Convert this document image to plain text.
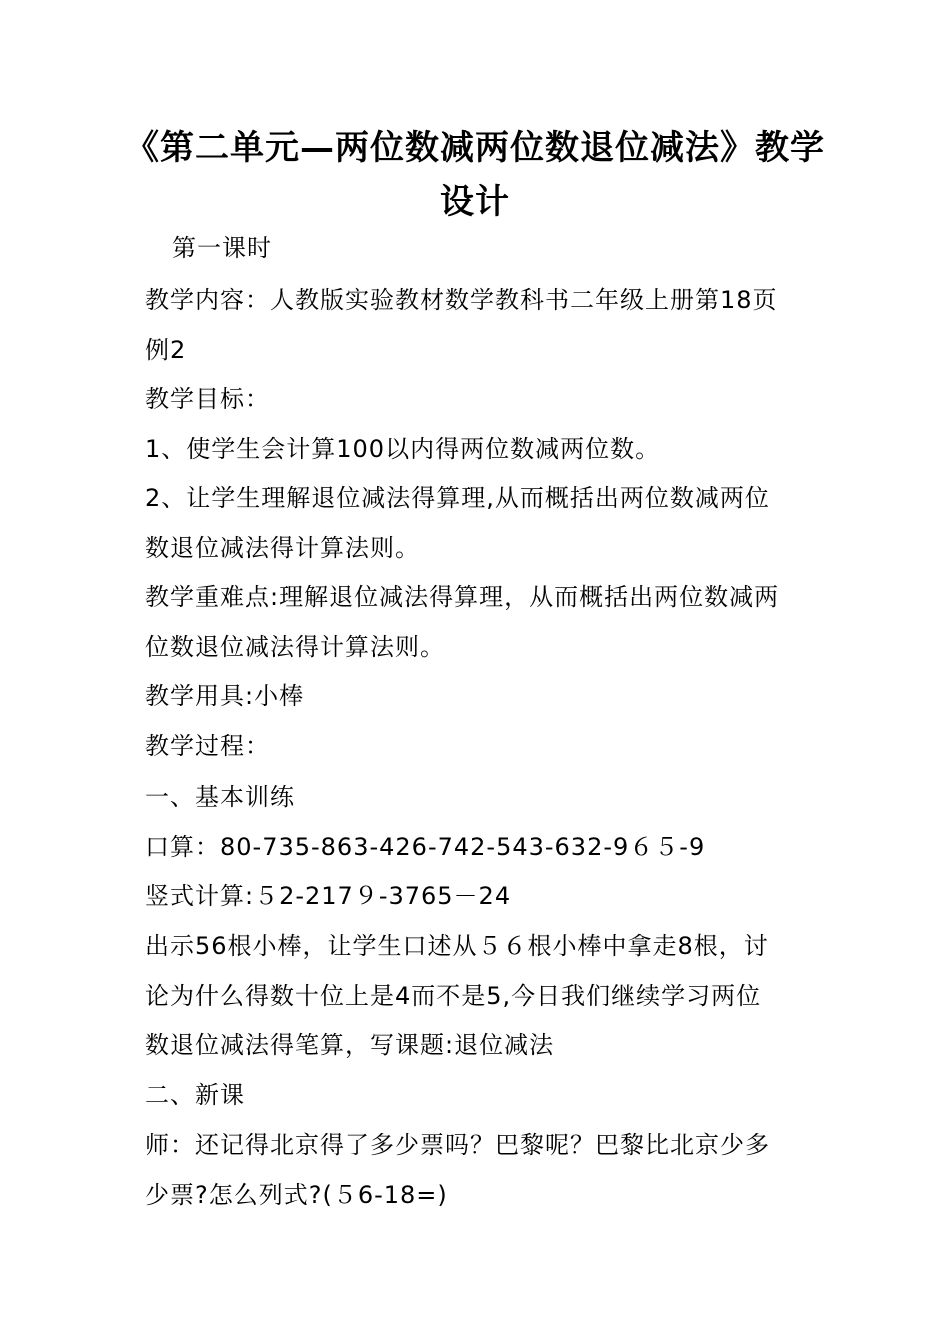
《第二单元—两位数减两位数退位减法》教学
设计

第一课时

教学内容：人教版实验教材数学教科书二年级上册第18页

例2

教学目标：

1、使学生会计算100以内得两位数减两位数。

2、让学生理解退位减法得算理,从而概括出两位数减两位

数退位减法得计算法则。

教学重难点:理解退位减法得算理，从而概括出两位数减两

位数退位减法得计算法则。

教学用具:小棒

教学过程：

一、基本训练

口算：80-735-863-426-742-543-632-9６５-9

竖式计算:５2-217９-3765－24

出示56根小棒，让学生口述从５６根小棒中拿走8根，讨

论为什么得数十位上是4而不是5,今日我们继续学习两位

数退位减法得笔算，写课题:退位减法

二、新课

师：还记得北京得了多少票吗？巴黎呢？巴黎比北京少多

少票?怎么列式?(５6-18=)
